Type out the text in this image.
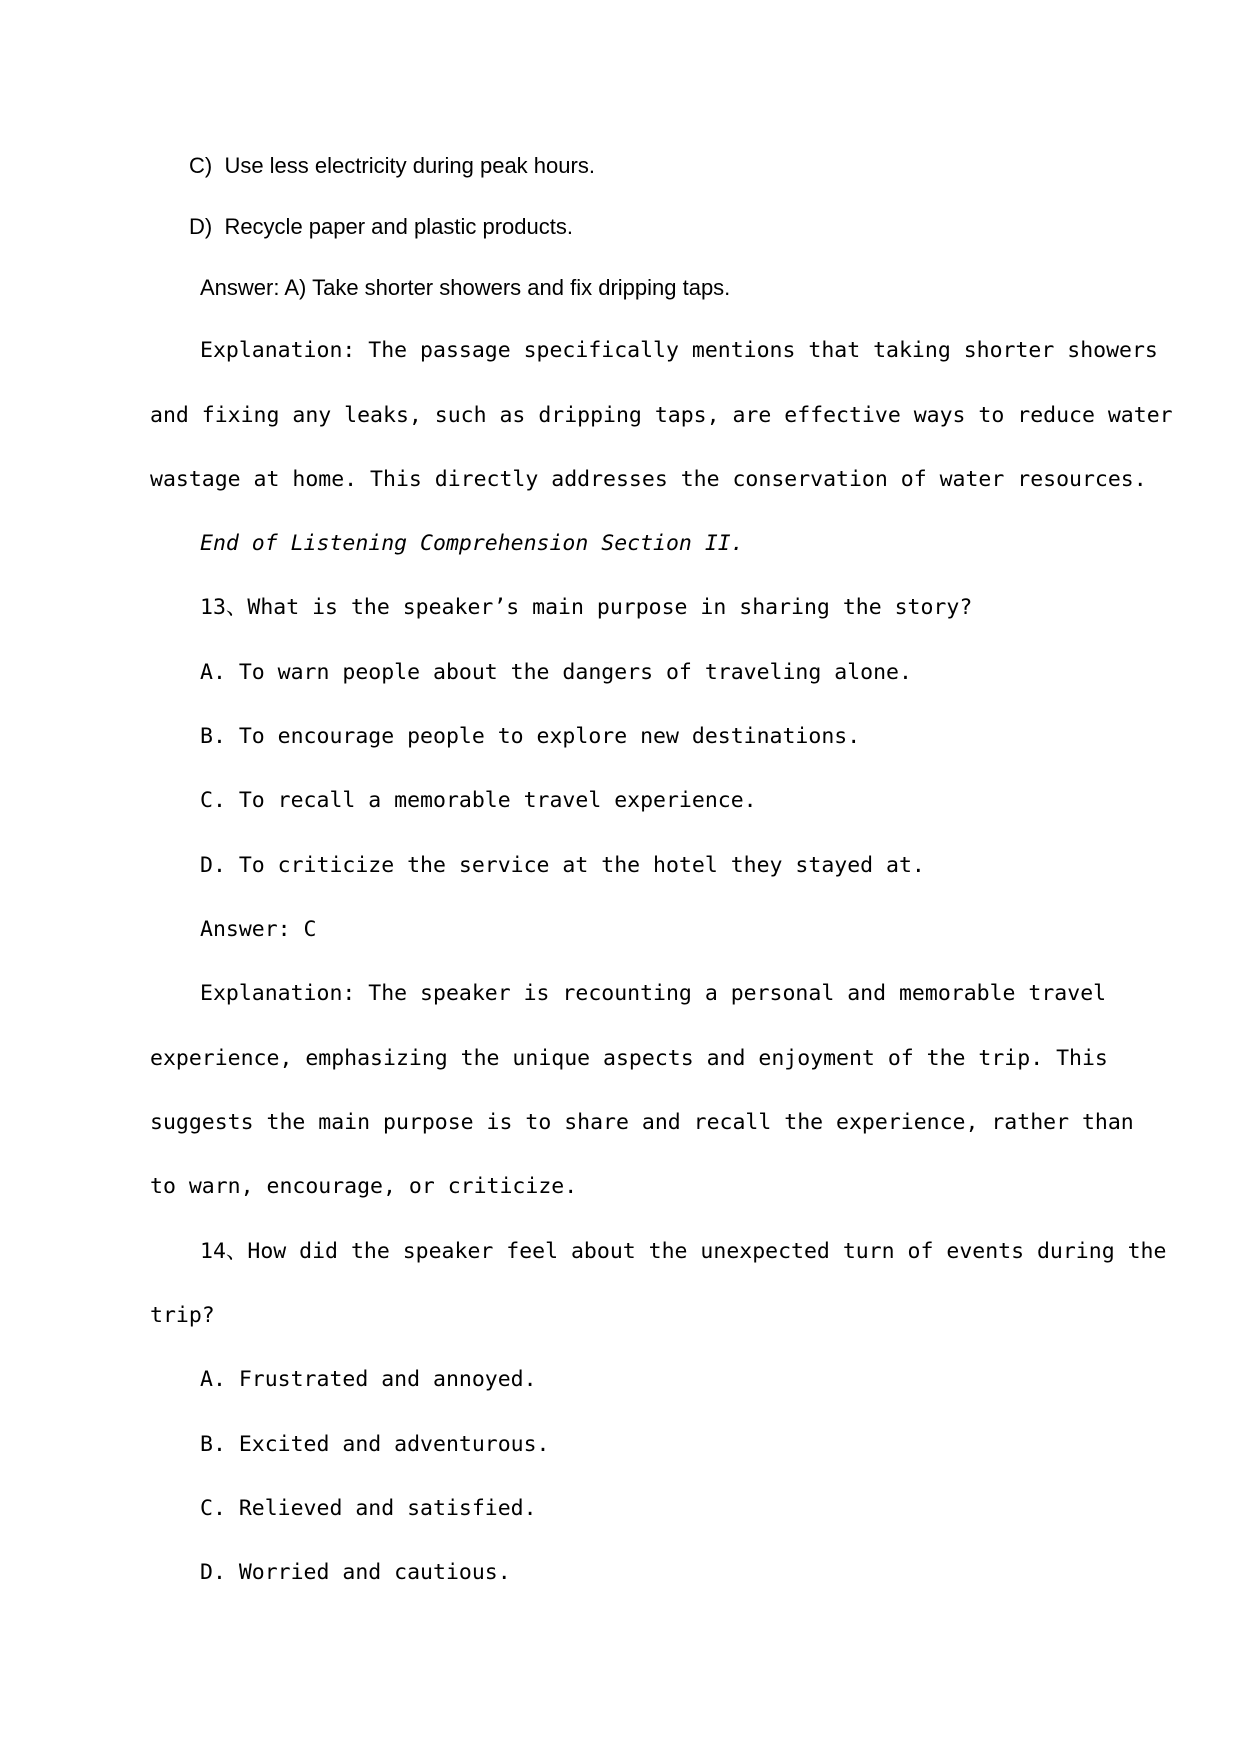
C)  Use less electricity during peak hours.
D)  Recycle paper and plastic products.
Answer: A) Take shorter showers and fix dripping taps.
Explanation: The passage specifically mentions that taking shorter showers
and fixing any leaks, such as dripping taps, are effective ways to reduce water
wastage at home. This directly addresses the conservation of water resources.
End of Listening Comprehension Section II.
13、What is the speaker’s main purpose in sharing the story?
A. To warn people about the dangers of traveling alone.
B. To encourage people to explore new destinations.
C. To recall a memorable travel experience.
D. To criticize the service at the hotel they stayed at.
Answer: C
Explanation: The speaker is recounting a personal and memorable travel
experience, emphasizing the unique aspects and enjoyment of the trip. This
suggests the main purpose is to share and recall the experience, rather than
to warn, encourage, or criticize.
14、How did the speaker feel about the unexpected turn of events during the
trip?
A. Frustrated and annoyed.
B. Excited and adventurous.
C. Relieved and satisfied.
D. Worried and cautious.
